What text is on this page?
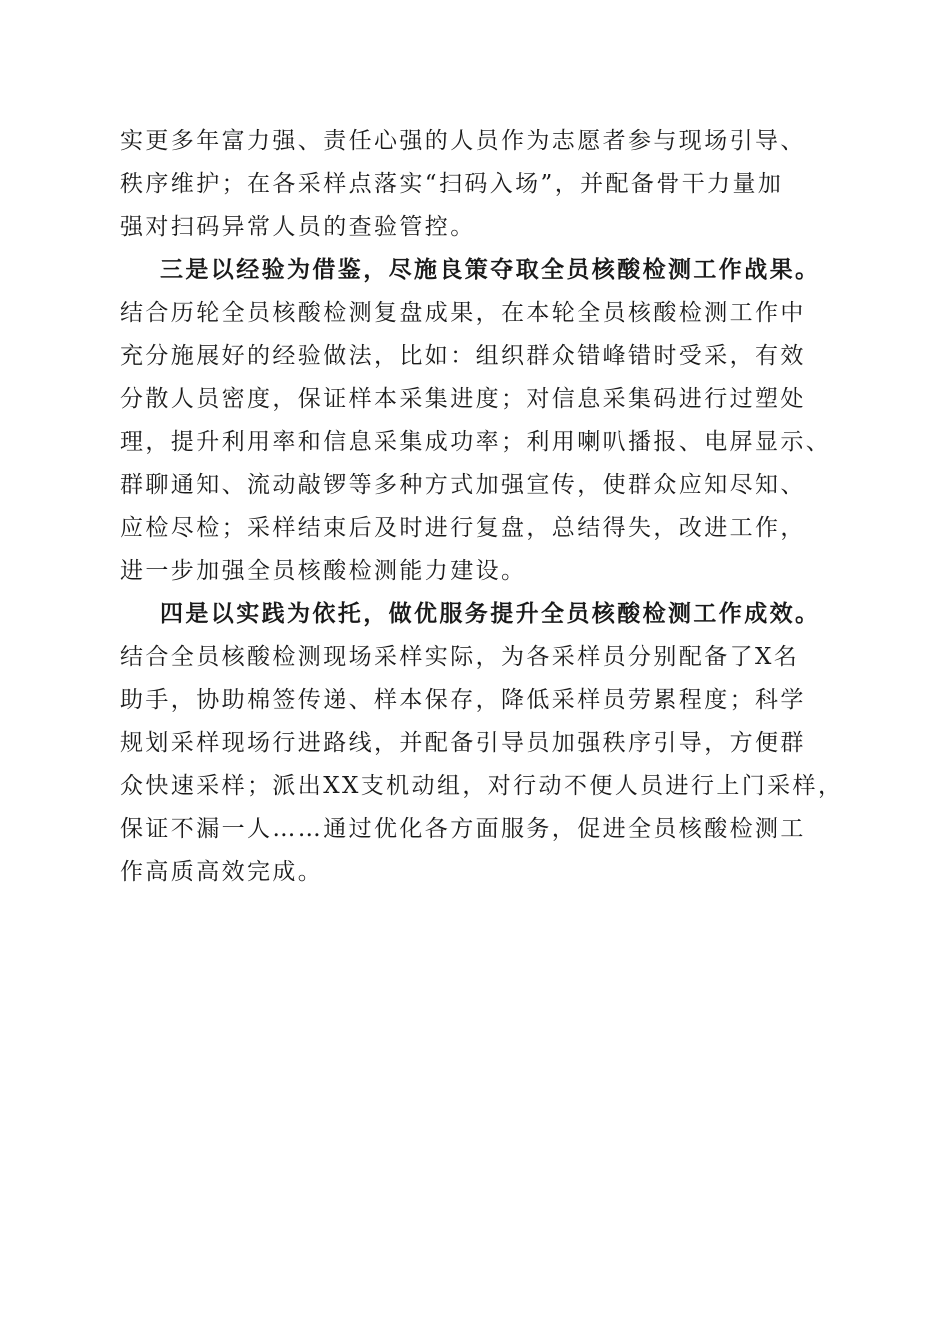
实更多年富力强、责任心强的人员作为志愿者参与现场引导、
秩序维护；在各采样点落实“扫码入场”，并配备骨干力量加
强对扫码异常人员的查验管控。
三是以经验为借鉴，尽施良策夺取全员核酸检测工作战果。
结合历轮全员核酸检测复盘成果，在本轮全员核酸检测工作中
充分施展好的经验做法，比如：组织群众错峰错时受采，有效
分散人员密度，保证样本采集进度；对信息采集码进行过塑处
理，提升利用率和信息采集成功率；利用喇叭播报、电屏显示、
群聊通知、流动敲锣等多种方式加强宣传，使群众应知尽知、
应检尽检；采样结束后及时进行复盘，总结得失，改进工作，
进一步加强全员核酸检测能力建设。
四是以实践为依托，做优服务提升全员核酸检测工作成效。
结合全员核酸检测现场采样实际，为各采样员分别配备了X名
助手，协助棉签传递、样本保存，降低采样员劳累程度；科学
规划采样现场行进路线，并配备引导员加强秩序引导，方便群
众快速采样；派出XX支机动组，对行动不便人员进行上门采样，
保证不漏一人……通过优化各方面服务，促进全员核酸检测工
作高质高效完成。
